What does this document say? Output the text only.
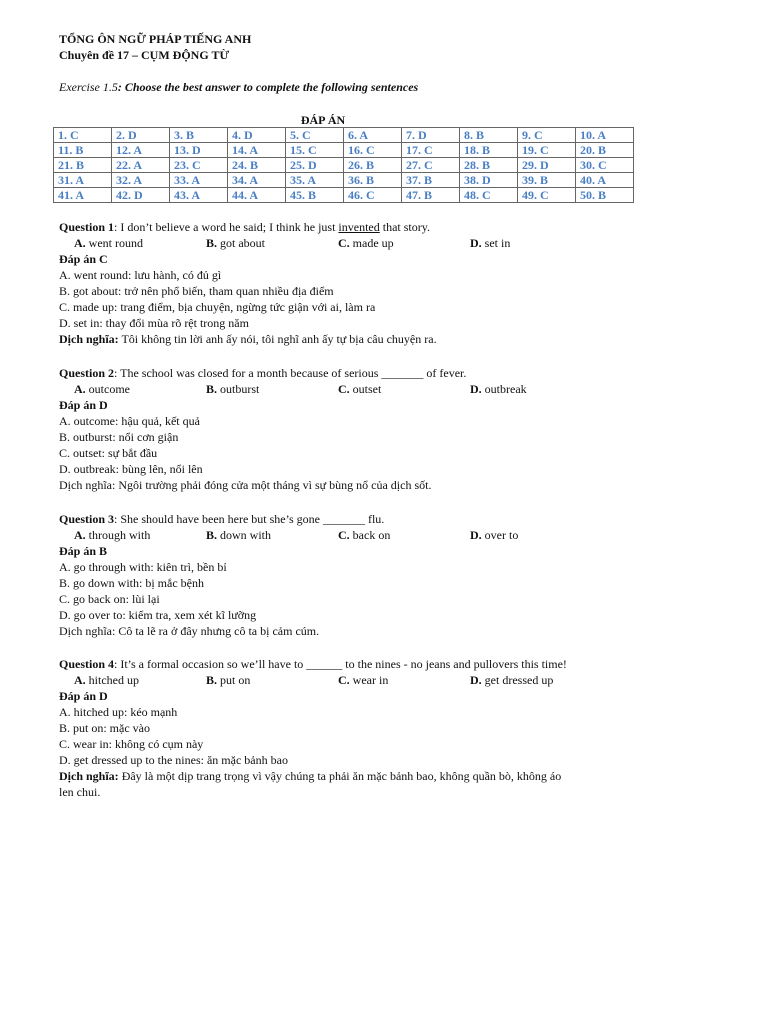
TỔNG ÔN NGỮ PHÁP TIẾNG ANH
Chuyên đề 17 – CỤM ĐỘNG TỪ
Exercise 1.5: Choose the best answer to complete the following sentences
ĐÁP ÁN
1. C	2. D	3. B	4. D	5. C	6. A	7. D	8. B	9. C	10. A
11. B	12. A	13. D	14. A	15. C	16. C	17. C	18. B	19. C	20. B
21. B	22. A	23. C	24. B	25. D	26. B	27. C	28. B	29. D	30. C
31. A	32. A	33. A	34. A	35. A	36. B	37. B	38. D	39. B	40. A
41. A	42. D	43. A	44. A	45. B	46. C	47. B	48. C	49. C	50. B
Question 1: I don’t believe a word he said; I think he just invented that story.
A. went round	B. got about	C. made up	D. set in
Đáp án C
A. went round: lưu hành, có đủ gì
B. got about: trở nên phổ biến, tham quan nhiều địa điểm
C. made up: trang điểm, bịa chuyện, ngừng tức giận với ai, làm ra
D. set in: thay đổi mùa rõ rệt trong năm
Dịch nghĩa: Tôi không tin lời anh ấy nói, tôi nghĩ anh ấy tự bịa câu chuyện ra.
Question 2: The school was closed for a month because of serious _______ of fever.
A. outcome	B. outburst	C. outset	D. outbreak
Đáp án D
A. outcome: hậu quả, kết quả
B. outburst: nổi cơn giận
C. outset: sự bắt đầu
D. outbreak: bùng lên, nổi lên
Dịch nghĩa: Ngôi trường phải đóng cửa một tháng vì sự bùng nổ của dịch sốt.
Question 3: She should have been here but she’s gone _______ flu.
A. through with	B. down with	C. back on	D. over to
Đáp án B
A. go through with: kiên trì, bền bỉ
B. go down with: bị mắc bệnh
C. go back on: lùi lại
D. go over to: kiểm tra, xem xét kĩ lưỡng
Dịch nghĩa: Cô ta lẽ ra ở đây nhưng cô ta bị cảm cúm.
Question 4: It’s a formal occasion so we’ll have to ______ to the nines - no jeans and pullovers this time!
A. hitched up	B. put on	C. wear in	D. get dressed up
Đáp án D
A. hitched up: kéo mạnh
B. put on: mặc vào
C. wear in: không có cụm này
D. get dressed up to the nines: ăn mặc bảnh bao
Dịch nghĩa: Đây là một dịp trang trọng vì vậy chúng ta phải ăn mặc bảnh bao, không quần bò, không áo
len chui.
